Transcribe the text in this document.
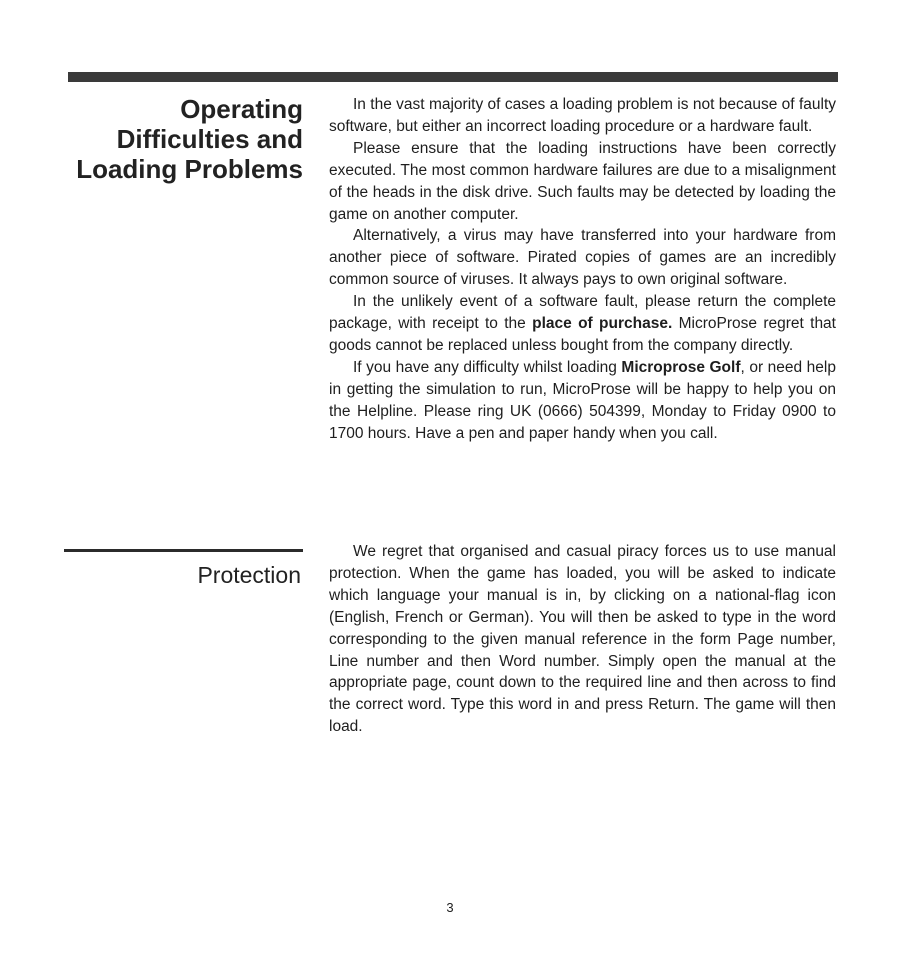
Operating
Difficulties and
Loading Problems

In the vast majority of cases a loading problem is not because of faulty software, but either an incorrect loading procedure or a hardware fault.

Please ensure that the loading instructions have been correctly executed. The most common hardware failures are due to a misalignment of the heads in the disk drive. Such faults may be detected by loading the game on another computer.

Alternatively, a virus may have transferred into your hardware from another piece of software. Pirated copies of games are an incredibly common source of viruses. It always pays to own original software.

In the unlikely event of a software fault, please return the complete package, with receipt to the place of purchase. MicroProse regret that goods cannot be replaced unless bought from the company directly.

If you have any difficulty whilst loading Microprose Golf, or need help in getting the simulation to run, MicroProse will be happy to help you on the Helpline. Please ring UK (0666) 504399, Monday to Friday 0900 to 1700 hours. Have a pen and paper handy when you call.

Protection

We regret that organised and casual piracy forces us to use manual protection. When the game has loaded, you will be asked to indicate which language your manual is in, by clicking on a national-flag icon (English, French or German). You will then be asked to type in the word corresponding to the given manual reference in the form Page number, Line number and then Word number. Simply open the manual at the appropriate page, count down to the required line and then across to find the correct word. Type this word in and press Return. The game will then load.

3
